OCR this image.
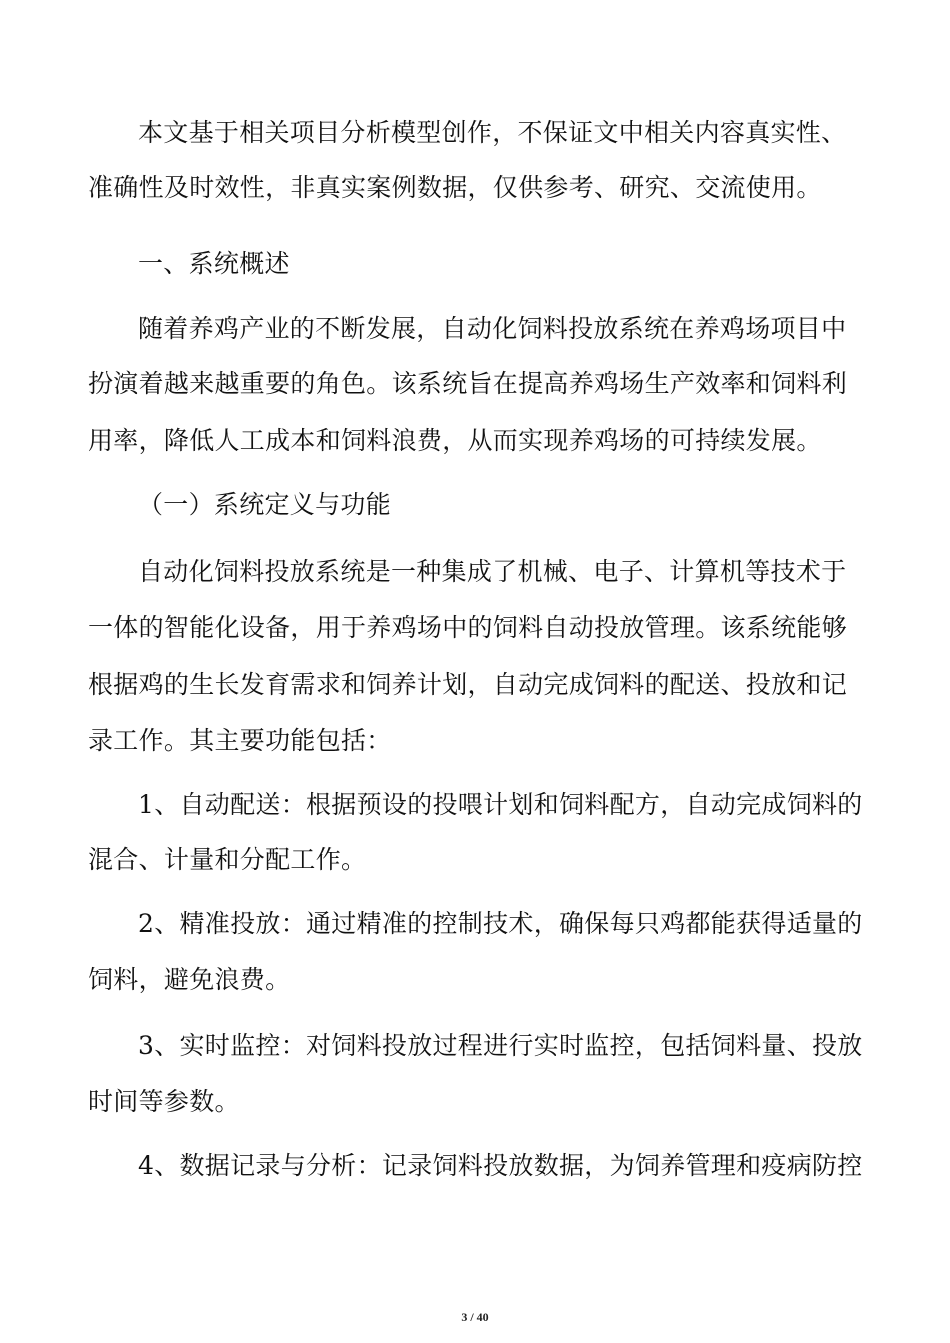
本文基于相关项目分析模型创作，不保证文中相关内容真实性、
准确性及时效性，非真实案例数据，仅供参考、研究、交流使用。
一、系统概述
随着养鸡产业的不断发展，自动化饲料投放系统在养鸡场项目中
扮演着越来越重要的角色。该系统旨在提高养鸡场生产效率和饲料利
用率，降低人工成本和饲料浪费，从而实现养鸡场的可持续发展。
（一）系统定义与功能
自动化饲料投放系统是一种集成了机械、电子、计算机等技术于
一体的智能化设备，用于养鸡场中的饲料自动投放管理。该系统能够
根据鸡的生长发育需求和饲养计划，自动完成饲料的配送、投放和记
录工作。其主要功能包括：
1、自动配送：根据预设的投喂计划和饲料配方，自动完成饲料的
混合、计量和分配工作。
2、精准投放：通过精准的控制技术，确保每只鸡都能获得适量的
饲料，避免浪费。
3、实时监控：对饲料投放过程进行实时监控，包括饲料量、投放
时间等参数。
4、数据记录与分析：记录饲料投放数据，为饲养管理和疫病防控
3 / 40
